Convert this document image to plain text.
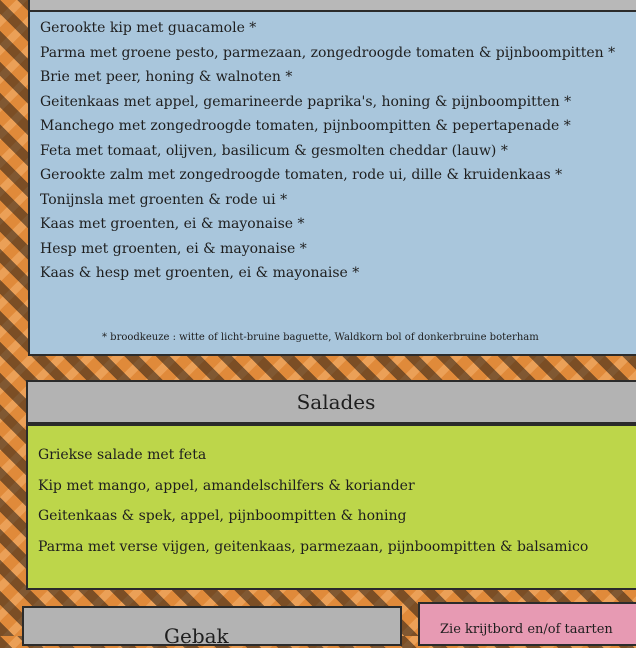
Gerookte kip met guacamole *
Parma met groene pesto, parmezaan, zongedroogde tomaten & pijnboompitten *
Brie met peer, honing & walnoten *
Geitenkaas met appel, gemarineerde paprika's, honing & pijnboompitten *
Manchego met zongedroogde tomaten, pijnboompitten & pepertapenade *
Feta met tomaat, olijven, basilicum & gesmolten cheddar (lauw) *
Gerookte zalm met zongedroogde tomaten, rode ui, dille & kruidenkaas *
Tonijnsla met groenten & rode ui *
Kaas met groenten, ei & mayonaise *
Hesp met groenten, ei & mayonaise *
Kaas & hesp met groenten, ei & mayonaise *
* broodkeuze : witte of licht-bruine baguette, Waldkorn bol of donkerbruine boterham
Salades
Griekse salade met feta
Kip met mango, appel, amandelschilfers & koriander
Geitenkaas & spek, appel, pijnboompitten & honing
Parma met verse vijgen, geitenkaas, parmezaan, pijnboompitten & balsamico
Gebak	Zie krijtbord en/of taarten
